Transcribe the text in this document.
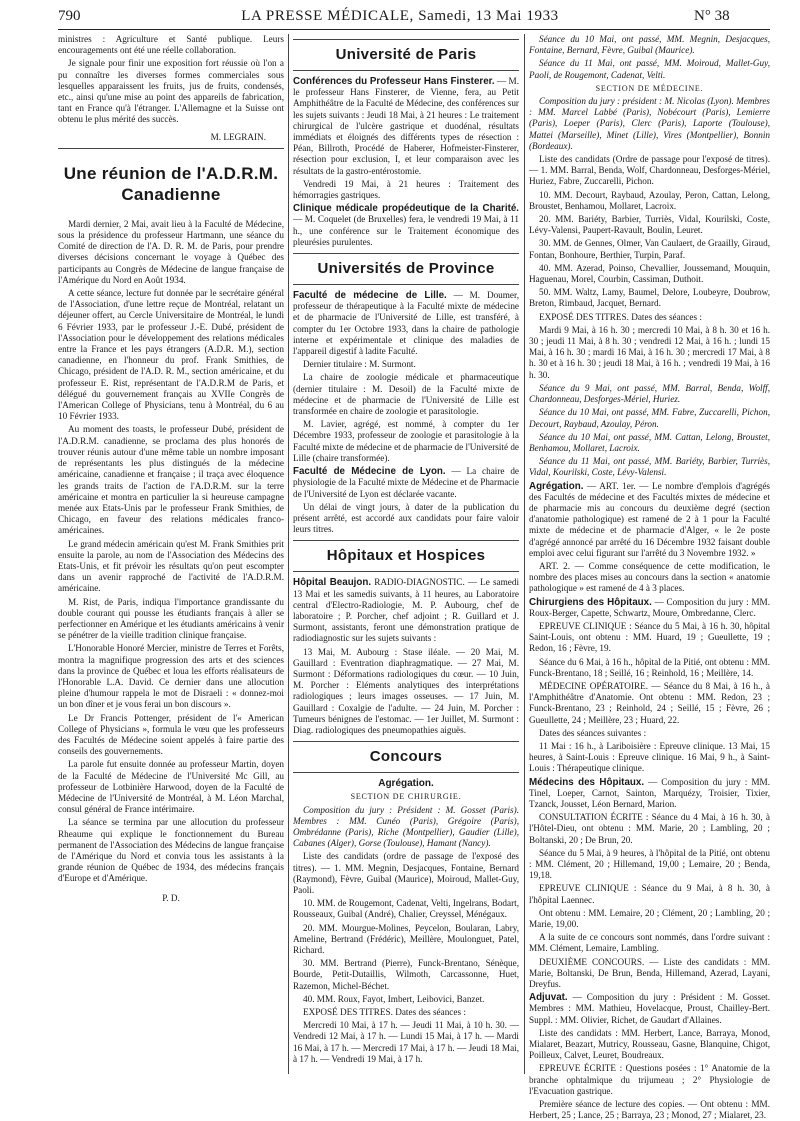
790	LA PRESSE MÉDICALE, Samedi, 13 Mai 1933	N° 38

ministres : Agriculture et Santé publique. Leurs encouragements ont été une réelle collaboration.

Je signale pour finir une exposition fort réussie où l'on a pu connaître les diverses formes commerciales sous lesquelles apparaissent les fruits, jus de fruits, condensés, etc., ainsi qu'une mise au point des appareils de fabrication, tant en France qu'à l'étranger. L'Allemagne et la Suisse ont obtenu le plus mérité des succès.

M. LEGRAIN.
Une réunion de l'A.D.R.M. Canadienne

Mardi dernier, 2 Mai, avait lieu à la Faculté de Médecine, sous la présidence du professeur Hartmann, une séance du Comité de direction de l'A. D. R. M. de Paris, pour prendre diverses décisions concernant le voyage à Québec des participants au Congrès de Médecine de langue française de l'Amérique du Nord en Août 1934.

A cette séance, lecture fut donnée par le secrétaire général de l'Association, d'une lettre reçue de Montréal, relatant un déjeuner offert, au Cercle Universitaire de Montréal, le lundi 6 Février 1933, par le professeur J.-E. Dubé, président de l'Association pour le développement des relations médicales entre la France et les pays étrangers (A.D.R. M.), section canadienne, en l'honneur du prof. Frank Smithies, de Chicago, président de l'A.D. R. M., section américaine, et du professeur E. Rist, représentant de l'A.D.R.M de Paris, et délégué du gouvernement français au XVIIe Congrès de l'American College of Physicians, tenu à Montréal, du 6 au 10 Février 1933.

Au moment des toasts, le professeur Dubé, président de l'A.D.R.M. canadienne, se proclama des plus honorés de trouver réunis autour d'une même table un nombre imposant de représentants les plus distingués de la médecine américaine, canadienne et française ; il traça avec éloquence les grands traits de l'action de l'A.D.R.M. sur la terre américaine et montra en particulier la si heureuse campagne menée aux Etats-Unis par le professeur Frank Smithies, de Chicago, en faveur des relations médicales franco-américaines.

Le grand médecin américain qu'est M. Frank Smithies prit ensuite la parole, au nom de l'Association des Médecins des Etats-Unis, et fit prévoir les résultats qu'on peut escompter dans un avenir rapproché de l'activité de l'A.D.R.M. américaine.

M. Rist, de Paris, indiqua l'importance grandissante du double courant qui pousse les étudiants français à aller se perfectionner en Amérique et les étudiants américains à venir se pénétrer de la vieille tradition clinique française.

L'Honorable Honoré Mercier, ministre de Terres et Forêts, montra la magnifique progression des arts et des sciences dans la province de Québec et loua les efforts réalisateurs de l'Honorable L.A. David. Ce dernier dans une allocution pleine d'humour rappela le mot de Disraeli : « donnez-moi un bon dîner et je vous ferai un bon discours ».

Le Dr Francis Pottenger, président de l'« American College of Physicians », formula le vœu que les professeurs des Facultés de Médecine soient appelés à faire partie des conseils des gouvernements.

La parole fut ensuite donnée au professeur Martin, doyen de la Faculté de Médecine de l'Université Mc Gill, au professeur de Lotbinière Harwood, doyen de la Faculté de Médecine de l'Université de Montréal, à M. Léon Marchal, consul général de France intérimaire.

La séance se termina par une allocution du professeur Rheaume qui explique le fonctionnement du Bureau permanent de l'Association des Médecins de langue française de l'Amérique du Nord et convia tous les assistants à la grande réunion de Québec de 1934, des médecins français d'Europe et d'Amérique.

P. D.
Université de Paris

Conférences du Professeur Hans Finsterer. — M. le professeur Hans Finsterer, de Vienne, fera, au Petit Amphithéâtre de la Faculté de Médecine, des conférences sur les sujets suivants : Jeudi 18 Mai, à 21 heures : Le traitement chirurgical de l'ulcère gastrique et duodénal, résultats immédiats et éloignés des différents types de résection : Péan, Billroth, Procédé de Haberer, Hofmeister-Finsterer, résection pour exclusion, I, et leur comparaison avec les résultats de la gastro-entérostomie.

Vendredi 19 Mai, à 21 heures : Traitement des hémorragies gastriques.

Clinique médicale propédeutique de la Charité. — M. Coquelet (de Bruxelles) fera, le vendredi 19 Mai, à 11 h., une conférence sur le Traitement économique des pleurésies purulentes.

Universités de Province

Faculté de médecine de Lille. — M. Doumer, professeur de thérapeutique à la Faculté mixte de médecine et de pharmacie de l'Université de Lille, est transféré, à compter du 1er Octobre 1933, dans la chaire de pathologie interne et expérimentale et clinique des maladies de l'appareil digestif à ladite Faculté.

Dernier titulaire : M. Surmont.

La chaire de zoologie médicale et pharmaceutique (dernier titulaire : M. Desoil) de la Faculté mixte de médecine et de pharmacie de l'Université de Lille est transformée en chaire de zoologie et parasitologie.

M. Lavier, agrégé, est nommé, à compter du 1er Décembre 1933, professeur de zoologie et parasitologie à la Faculté mixte de médecine et de pharmacie de l'Université de Lille (chaire transformée).

Faculté de Médecine de Lyon. — La chaire de physiologie de la Faculté mixte de Médecine et de Pharmacie de l'Université de Lyon est déclarée vacante.

Un délai de vingt jours, à dater de la publication du présent arrêté, est accordé aux candidats pour faire valoir leurs titres.

Hôpitaux et Hospices

Hôpital Beaujon. RADIO-DIAGNOSTIC. — Le samedi 13 Mai et les samedis suivants, à 11 heures, au Laboratoire central d'Electro-Radiologie, M. P. Aubourg, chef de laboratoire ; P. Porcher, chef adjoint ; R. Guillard et J. Surmont, assistants, feront une démonstration pratique de radiodiagnostic sur les sujets suivants :

13 Mai, M. Aubourg : Stase iléale. — 20 Mai, M. Gauillard : Eventration diaphragmatique. — 27 Mai, M. Surmont : Déformations radiologiques du cœur. — 10 Juin, M. Porcher : Eléments analytiques des interprétations radiologiques ; leurs images osseuses. — 17 Juin, M. Gauillard : Coxalgie de l'adulte. — 24 Juin, M. Porcher : Tumeurs bénignes de l'estomac. — 1er Juillet, M. Surmont : Diag. radiologiques des pneumopathies aiguës.

Concours
Agrégation.
SECTION DE CHIRURGIE.

Composition du jury : Président : M. Gosset (Paris). Membres : MM. Cunéo (Paris), Grégoire (Paris), Ombrédanne (Paris), Riche (Montpellier), Gaudier (Lille), Cabanes (Alger), Gorse (Toulouse), Hamant (Nancy).

Liste des candidats (ordre de passage de l'exposé des titres). — 1. MM. Megnin, Desjacques, Fontaine, Bernard (Raymond), Fèvre, Guibal (Maurice), Moiroud, Mallet-Guy, Paoli.

10. MM. de Rougemont, Cadenat, Velti, Ingelrans, Bodart, Rousseaux, Guibal (André), Chalier, Creyssel, Ménégaux.

20. MM. Mourgue-Molines, Peycelon, Boularan, Labry, Ameline, Bertrand (Frédéric), Meillère, Moulonguet, Patel, Richard.

30. MM. Bertrand (Pierre), Funck-Brentano, Sénèque, Bourde, Petit-Dutaillis, Wilmoth, Carcassonne, Huet, Razemon, Michel-Béchet.

40. MM. Roux, Fayot, Imbert, Leibovici, Banzet.

EXPOSÉ DES TITRES. Dates des séances :

Mercredi 10 Mai, à 17 h. — Jeudi 11 Mai, à 10 h. 30. — Vendredi 12 Mai, à 17 h. — Lundi 15 Mai, à 17 h. — Mardi 16 Mai, à 17 h. — Mercredi 17 Mai, à 17 h. — Jeudi 18 Mai, à 17 h. — Vendredi 19 Mai, à 17 h.

Séance du 10 Mai, ont passé, MM. Megnin, Desjacques, Fontaine, Bernard, Fèvre, Guibal (Maurice).

Séance du 11 Mai, ont passé, MM. Moiroud, Mallet-Guy, Paoli, de Rougemont, Cadenat, Velti.

SECTION DE MÉDECINE.

Composition du jury : président : M. Nicolas (Lyon). Membres : MM. Marcel Labbé (Paris), Nobécourt (Paris), Lemierre (Paris), Loeper (Paris), Clerc (Paris), Laporte (Toulouse), Mattei (Marseille), Minet (Lille), Vires (Montpellier), Bonnin (Bordeaux).

Liste des candidats (Ordre de passage pour l'exposé de titres). — 1. MM. Barral, Benda, Wolf, Chardonneau, Desforges-Mériel, Huriez, Fabre, Zuccarelli, Pichon.

10. MM. Decourt, Raybaud, Azoulay, Peron, Cattan, Lelong, Broustet, Benhamou, Mollaret, Lacroix.

20. MM. Bariéty, Barbier, Turriès, Vidal, Kourilski, Coste, Lévy-Valensi, Paupert-Ravault, Boulin, Leuret.

30. MM. de Gennes, Olmer, Van Caulaert, de Graailly, Giraud, Fontan, Bonhoure, Berthier, Turpin, Paraf.

40. MM. Azerad, Poinso, Chevallier, Joussemand, Mouquin, Haguenau, Morel, Courbin, Cassiman, Duthoit.

50. MM. Waltz, Lamy, Baumel, Delore, Loubeyre, Doubrow, Breton, Rimbaud, Jacquet, Bernard.

EXPOSÉ DES TITRES. Dates des séances :

Mardi 9 Mai, à 16 h. 30 ; mercredi 10 Mai, à 8 h. 30 et 16 h. 30 ; jeudi 11 Mai, à 8 h. 30 ; vendredi 12 Mai, à 16 h. ; lundi 15 Mai, à 16 h. 30 ; mardi 16 Mai, à 16 h. 30 ; mercredi 17 Mai, à 8 h. 30 et à 16 h. 30 ; jeudi 18 Mai, à 16 h. ; vendredi 19 Mai, à 16 h. 30.

Séance du 9 Mai, ont passé, MM. Barral, Benda, Wolff, Chardonneau, Desforges-Mériel, Huriez.

Séance du 10 Mai, ont passé, MM. Fabre, Zuccarelli, Pichon, Decourt, Raybaud, Azoulay, Péron.

Séance du 10 Mai, ont passé, MM. Cattan, Lelong, Broustet, Benhamou, Mollaret, Lacroix.

Séance du 11 Mai, ont passé, MM. Bariéty, Barbier, Turriès, Vidal, Kourilski, Coste, Lévy-Valensi.

Agrégation. — ART. 1er. — Le nombre d'emplois d'agrégés des Facultés de médecine et des Facultés mixtes de médecine et de pharmacie mis au concours du deuxième degré (section d'anatomie pathologique) est ramené de 2 à 1 pour la Faculté mixte de médecine et de pharmacie d'Alger, « le 2e poste d'agrégé annoncé par arrêté du 16 Décembre 1932 faisant double emploi avec celui figurant sur l'arrêté du 3 Novembre 1932. »

ART. 2. — Comme conséquence de cette modification, le nombre des places mises au concours dans la section « anatomie pathologique » est ramené de 4 à 3 places.

Chirurgiens des Hôpitaux. — Composition du jury : MM. Roux-Berger, Capette, Schwartz, Moure, Ombredanne, Clerc.

EPREUVE CLINIQUE : Séance du 5 Mai, à 16 h. 30, hôpital Saint-Louis, ont obtenu : MM. Huard, 19 ; Gueullette, 19 ; Redon, 16 ; Fèvre, 19.

Séance du 6 Mai, à 16 h., hôpital de la Pitié, ont obtenu : MM. Funck-Brentano, 18 ; Seillé, 16 ; Reinhold, 16 ; Meillère, 14.

MÉDECINE OPÉRATOIRE. — Séance du 8 Mai, à 16 h., à l'Amphithéâtre d'Anatomie. Ont obtenu : MM. Redon, 23 ; Funck-Brentano, 23 ; Reinhold, 24 ; Seillé, 15 ; Fèvre, 26 ; Gueullette, 24 ; Meillère, 23 ; Huard, 22.

Dates des séances suivantes :

11 Mai : 16 h., à Lariboisière : Epreuve clinique. 13 Mai, 15 heures, à Saint-Louis : Epreuve clinique. 16 Mai, 9 h., à Saint-Louis : Thérapeutique clinique.

Médecins des Hôpitaux. — Composition du jury : MM. Tinel, Loeper, Carnot, Sainton, Marquézy, Troisier, Tixier, Tzanck, Jousset, Léon Bernard, Marion.

CONSULTATION ÉCRITE : Séance du 4 Mai, à 16 h. 30, à l'Hôtel-Dieu, ont obtenu : MM. Marie, 20 ; Lambling, 20 ; Boltanski, 20 ; De Brun, 20.

Séance du 5 Mai, à 9 heures, à l'hôpital de la Pitié, ont obtenu : MM. Clément, 20 ; Hillemand, 19,00 ; Lemaire, 20 ; Benda, 19,18.

EPREUVE CLINIQUE : Séance du 9 Mai, à 8 h. 30, à l'hôpital Laennec.

Ont obtenu : MM. Lemaire, 20 ; Clément, 20 ; Lambling, 20 ; Marie, 19,00.

A la suite de ce concours sont nommés, dans l'ordre suivant : MM. Clément, Lemaire, Lambling.

DEUXIÈME CONCOURS. — Liste des candidats : MM. Marie, Boltanski, De Brun, Benda, Hillemand, Azerad, Layani, Dreyfus.

Adjuvat. — Composition du jury : Président : M. Gosset. Membres : MM. Mathieu, Hovelacque, Proust, Chailley-Bert. Suppl. : MM. Olivier, Richet, de Gaudart d'Allaines.

Liste des candidats : MM. Herbert, Lance, Barraya, Monod, Mialaret, Beazart, Mutricy, Rousseau, Gasne, Blanquine, Chigot, Poilleux, Calvet, Leuret, Boudreaux.

EPREUVE ÉCRITE : Questions posées : 1° Anatomie de la branche ophtalmique du trijumeau ; 2° Physiologie de l'Evacuation gastrique.

Première séance de lecture des copies. — Ont obtenu : MM. Herbert, 25 ; Lance, 25 ; Barraya, 23 ; Monod, 27 ; Mialaret, 23.
